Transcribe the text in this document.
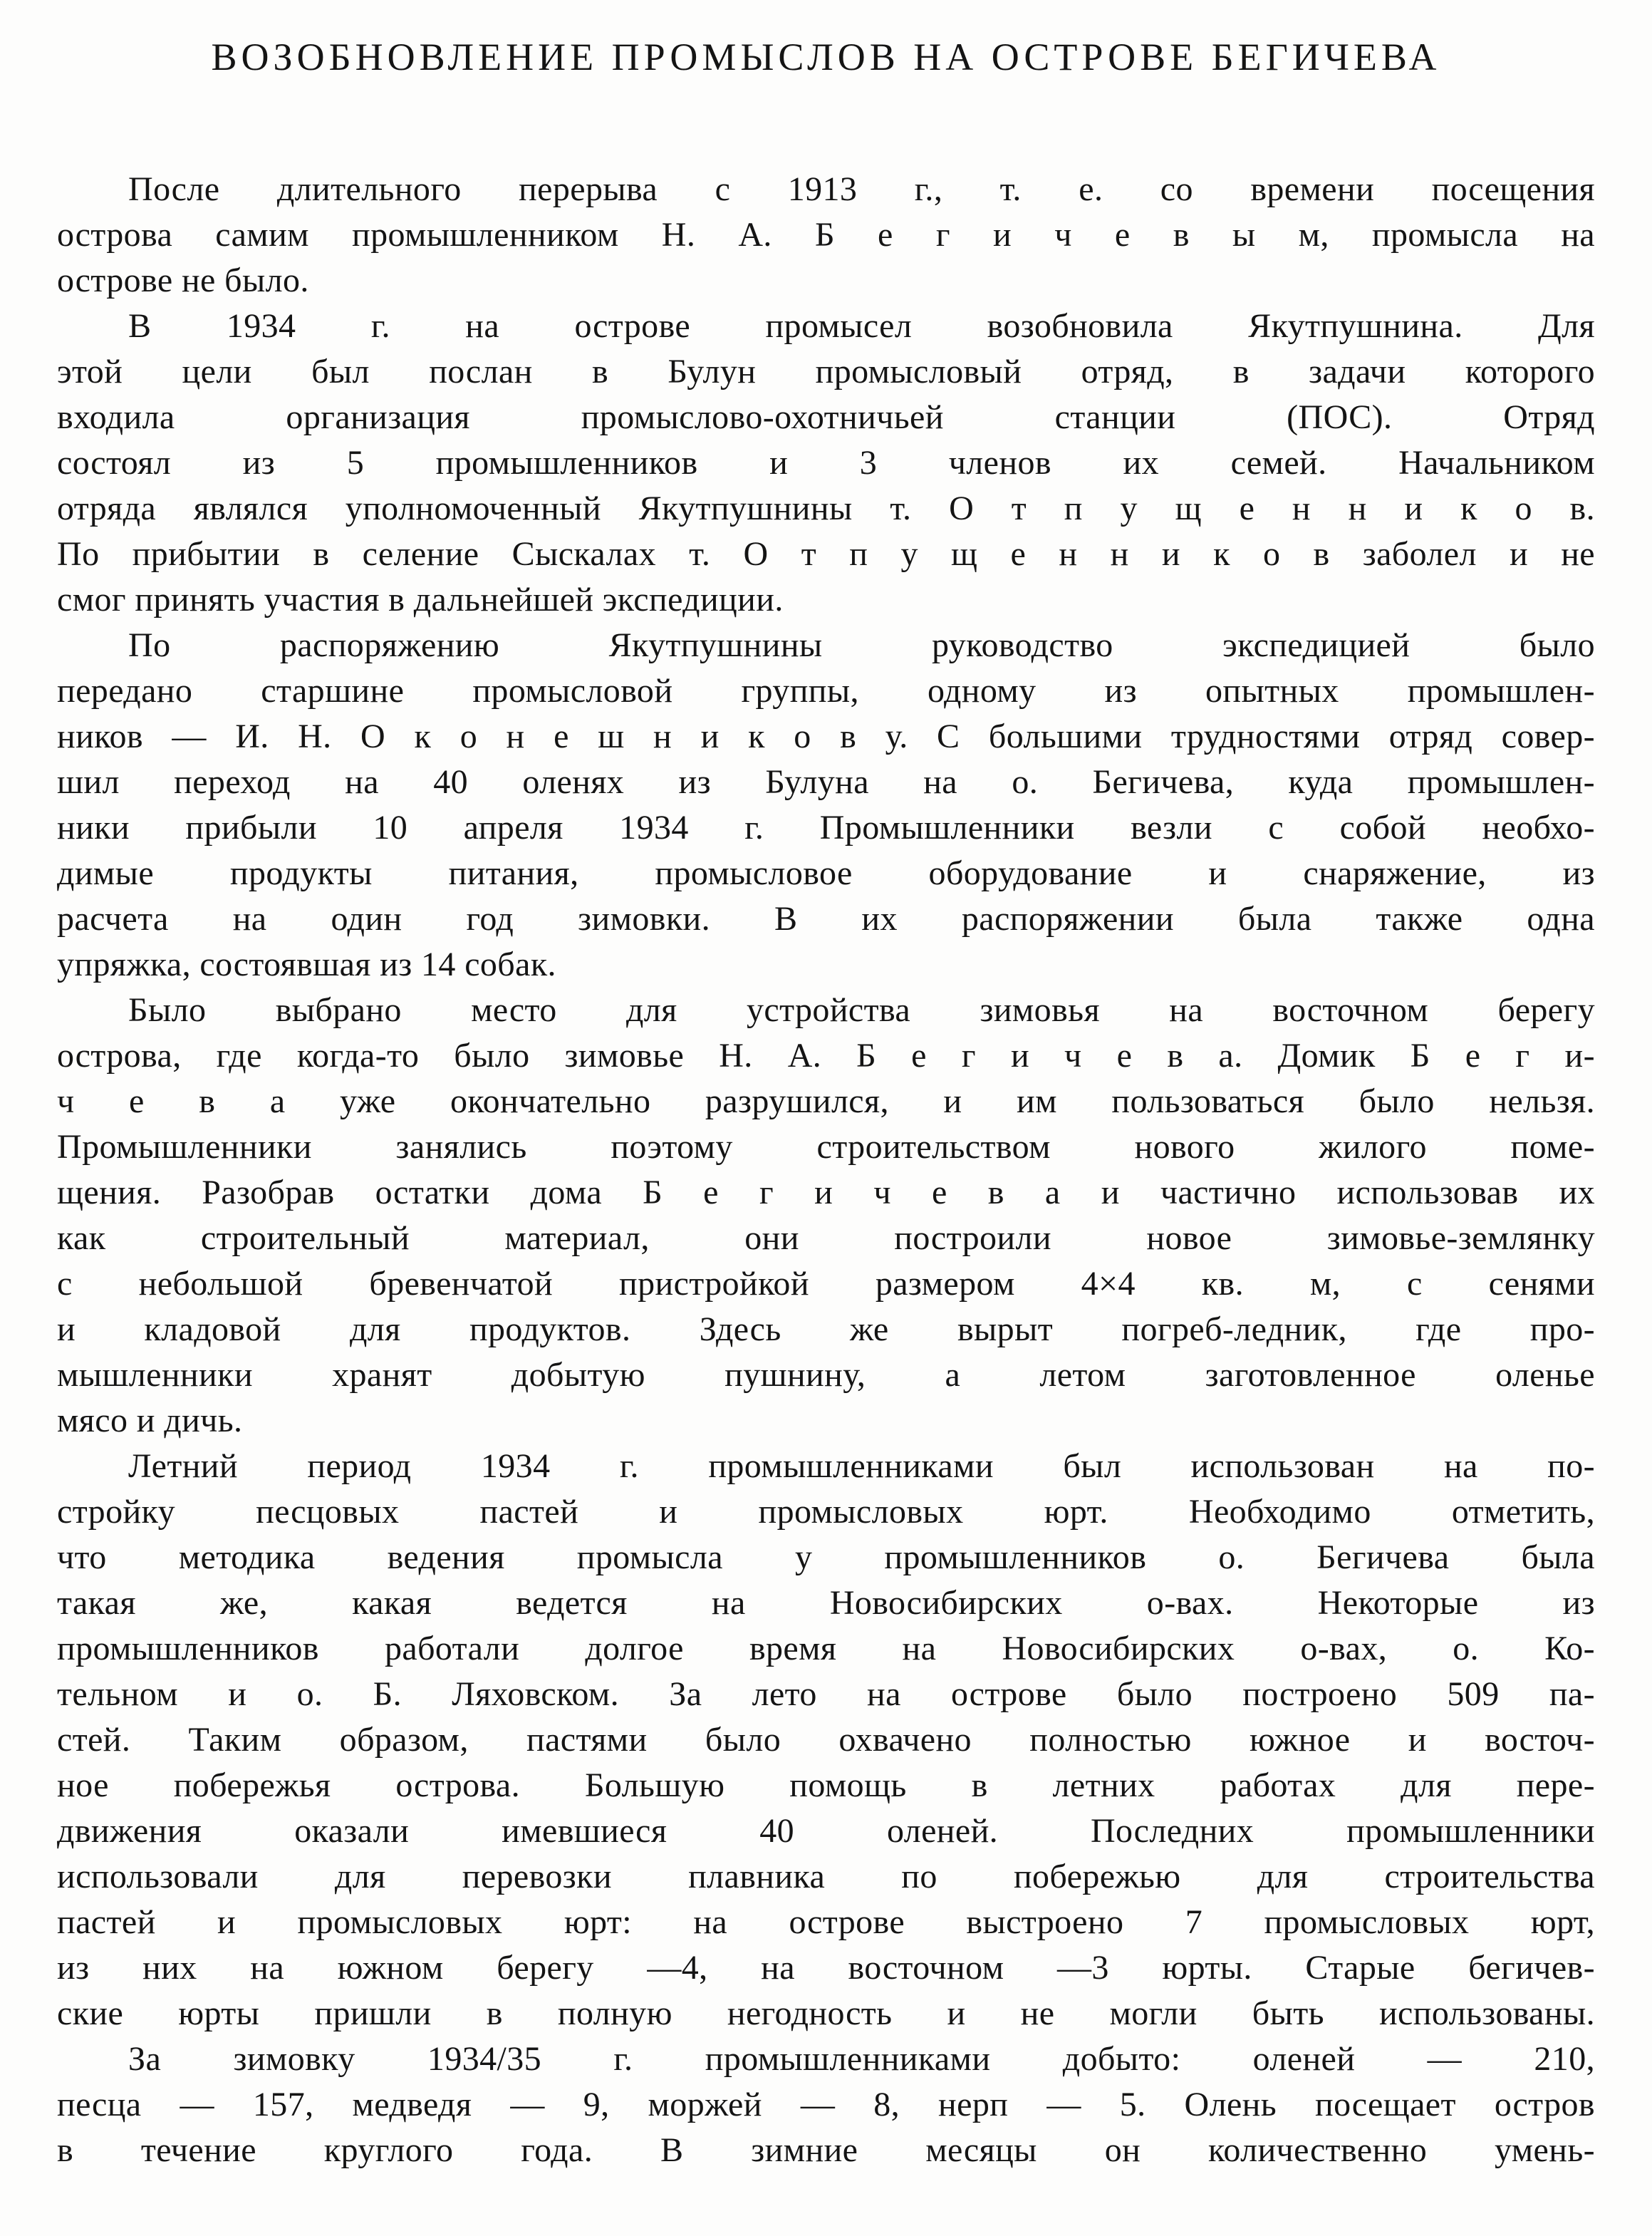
ВОЗОБНОВЛЕНИЕ ПРОМЫСЛОВ НА ОСТРОВЕ БЕГИЧЕВА

После длительного перерыва с 1913 г., т. е. со времени посещения
острова самим промышленником Н. А. Б е г и ч е в ы м, промысла на
острове не было.

В 1934 г. на острове промысел возобновила Якутпушнина. Для
этой цели был послан в Булун промысловый отряд, в задачи которого
входила организация промыслово-охотничьей станции (ПОС). Отряд
состоял из 5 промышленников и 3 членов их семей. Начальником
отряда являлся уполномоченный Якутпушнины т. О т п у щ е н н и к о в.
По прибытии в селение Сыскалах т. О т п у щ е н н и к о в заболел и не
смог принять участия в дальнейшей экспедиции.

По распоряжению Якутпушнины руководство экспедицией было
передано старшине промысловой группы, одному из опытных промышлен-
ников — И. Н. О к о н е ш н и к о в у. С большими трудностями отряд совер-
шил переход на 40 оленях из Булуна на о. Бегичева, куда промышлен-
ники прибыли 10 апреля 1934 г. Промышленники везли с собой необхо-
димые продукты питания, промысловое оборудование и снаряжение, из
расчета на один год зимовки. В их распоряжении была также одна
упряжка, состоявшая из 14 собак.

Было выбрано место для устройства зимовья на восточном берегу
острова, где когда-то было зимовье Н. А. Б е г и ч е в а. Домик Б е г и-
ч е в а уже окончательно разрушился, и им пользоваться было нельзя.
Промышленники занялись поэтому строительством нового жилого поме-
щения. Разобрав остатки дома Б е г и ч е в а и частично использовав их
как строительный материал, они построили новое зимовье-землянку
с небольшой бревенчатой пристройкой размером 4×4 кв. м, с сенями
и кладовой для продуктов. Здесь же вырыт погреб-ледник, где про-
мышленники хранят добытую пушнину, а летом заготовленное оленье
мясо и дичь.

Летний период 1934 г. промышленниками был использован на по-
стройку песцовых пастей и промысловых юрт. Необходимо отметить,
что методика ведения промысла у промышленников о. Бегичева была
такая же, какая ведется на Новосибирских о-вах. Некоторые из
промышленников работали долгое время на Новосибирских о-вах, о. Ко-
тельном и о. Б. Ляховском. За лето на острове было построено 509 па-
стей. Таким образом, пастями было охвачено полностью южное и восточ-
ное побережья острова. Большую помощь в летних работах для пере-
движения оказали имевшиеся 40 оленей. Последних промышленники
использовали для перевозки плавника по побережью для строительства
пастей и промысловых юрт: на острове выстроено 7 промысловых юрт,
из них на южном берегу —4, на восточном —3 юрты. Старые бегичев-
ские юрты пришли в полную негодность и не могли быть использованы.

За зимовку 1934/35 г. промышленниками добыто: оленей — 210,
песца — 157, медведя — 9, моржей — 8, нерп — 5. Олень посещает остров
в течение круглого года. В зимние месяцы он количественно умень-
